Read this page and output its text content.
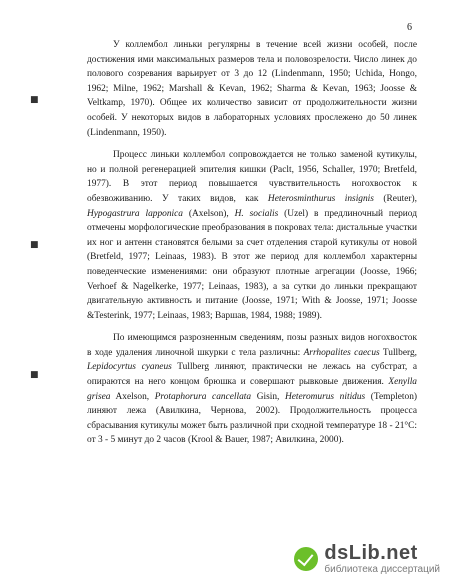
6
■
■
■

У коллембол линьки регулярны в течение всей жизни особей, после достижения ими максимальных размеров тела и половозрелости. Число линек до полового созревания варьирует от 3 до 12 (Lindenmann, 1950; Uchida, Hongo, 1962; Milne, 1962; Marshall & Kevan, 1962; Sharma & Kevan, 1963; Joosse & Veltkamp, 1970). Общее их количество зависит от продолжительности жизни особей. У некоторых видов в лабораторных условиях прослежено до 50 линек (Lindenmann, 1950).

Процесс линьки коллембол сопровождается не только заменой кутикулы, но и полной регенерацией эпителия кишки (Paclt, 1956, Schaller, 1970; Bretfeld, 1977). В этот период повышается чувствительность ногохвосток к обезвоживанию. У таких видов, как Heterosminthurus insignis (Reuter), Hypogastrura lapponica (Axelson), H. socialis (Uzel) в предлиночный период отмечены морфологические преобразования в покровах тела: дистальные участки их ног и антенн становятся белыми за счет отделения старой кутикулы от новой (Bretfeld, 1977; Leinaas, 1983). В этот же период для коллембол характерны поведенческие изменениями: они образуют плотные агрегации (Joosse, 1966; Verhoef & Nagelkerke, 1977; Leinaas, 1983), а за сутки до линьки прекращают двигательную активность и питание (Joosse, 1971; With & Joosse, 1971; Joosse &Testerink, 1977; Leinaas, 1983; Варшав, 1984, 1988; 1989).

По имеющимся разрозненным сведениям, позы разных видов ногохвосток в ходе удаления линочной шкурки с тела различны: Arrhopalites caecus Tullberg, Lepidocyrtus cyaneus Tullberg линяют, практически не лежась на субстрат, а опираются на него концом брюшка и совершают рывковые движения. Xenylla grisea Axelson, Protaphorura cancellata Gisin, Heteromurus nitidus (Templeton) линяют лежа (Авилкина, Чернова, 2002). Продолжительность процесса сбрасывания кутикулы может быть различной при сходной температуре 18 - 21°С: от 3 - 5 минут до 2 часов (Krool & Bauer, 1987; Авилкина, 2000).

dsLib.net
библиотека диссертаций
